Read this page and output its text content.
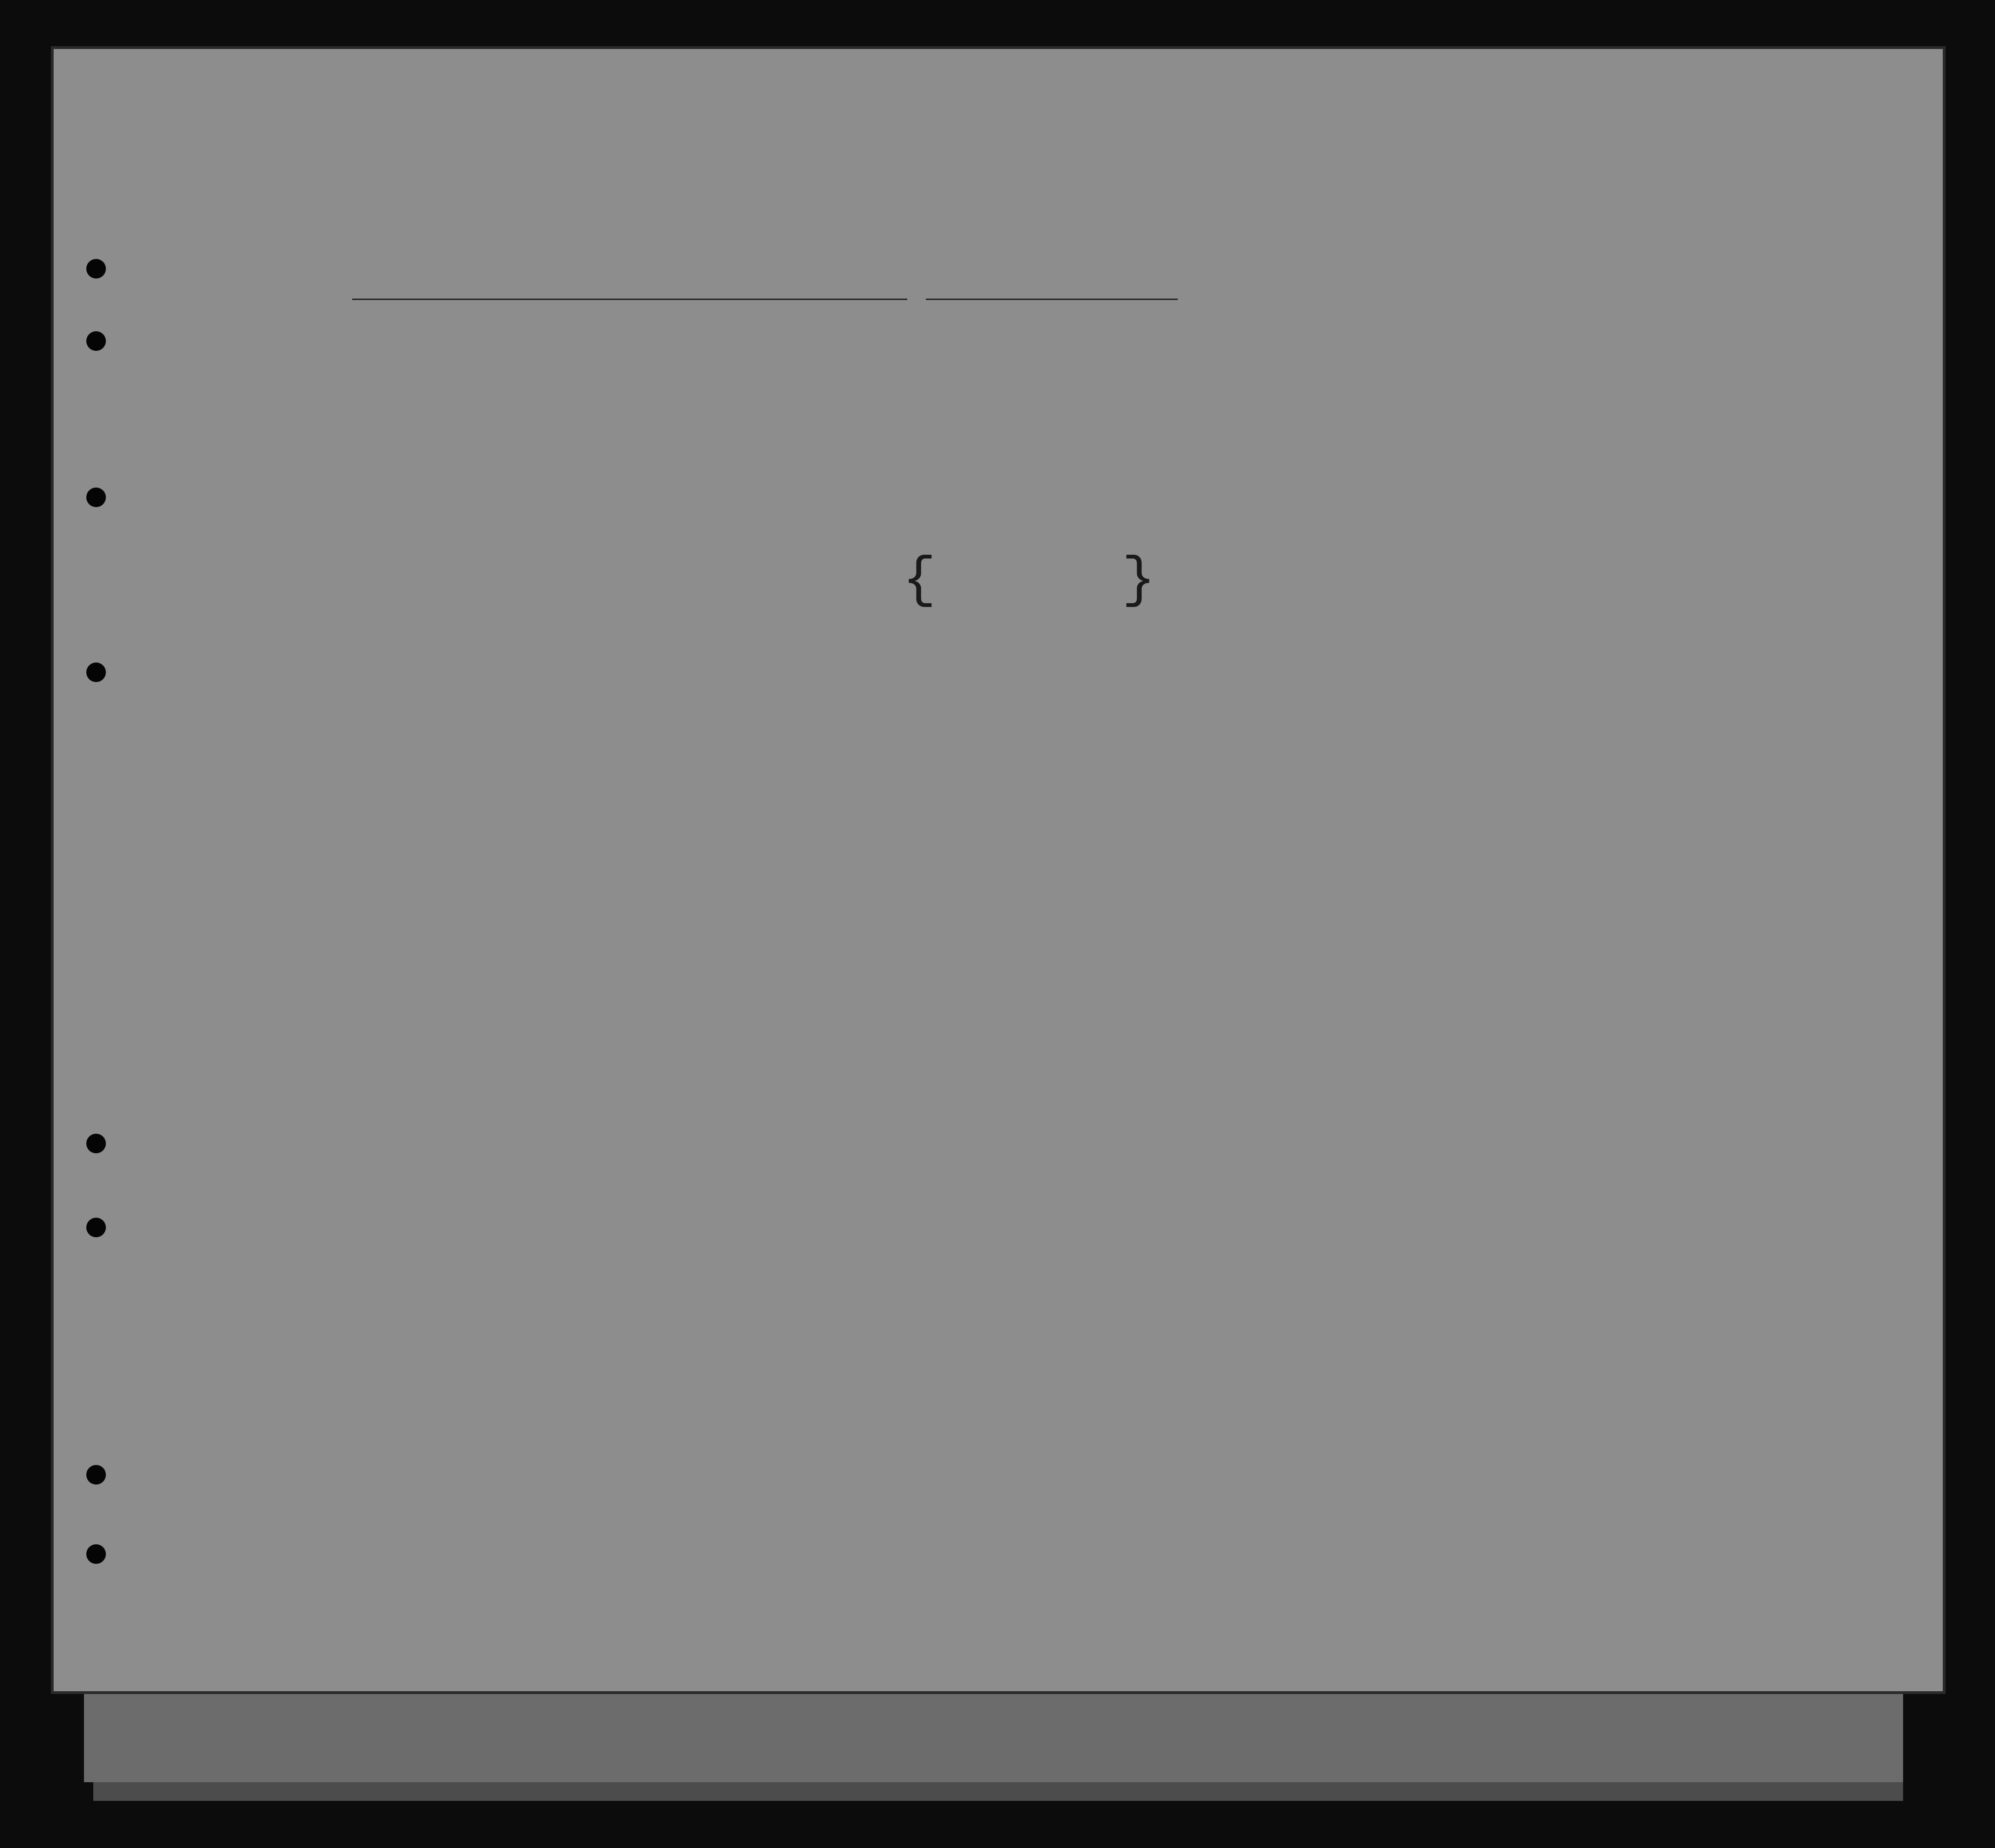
{	}
